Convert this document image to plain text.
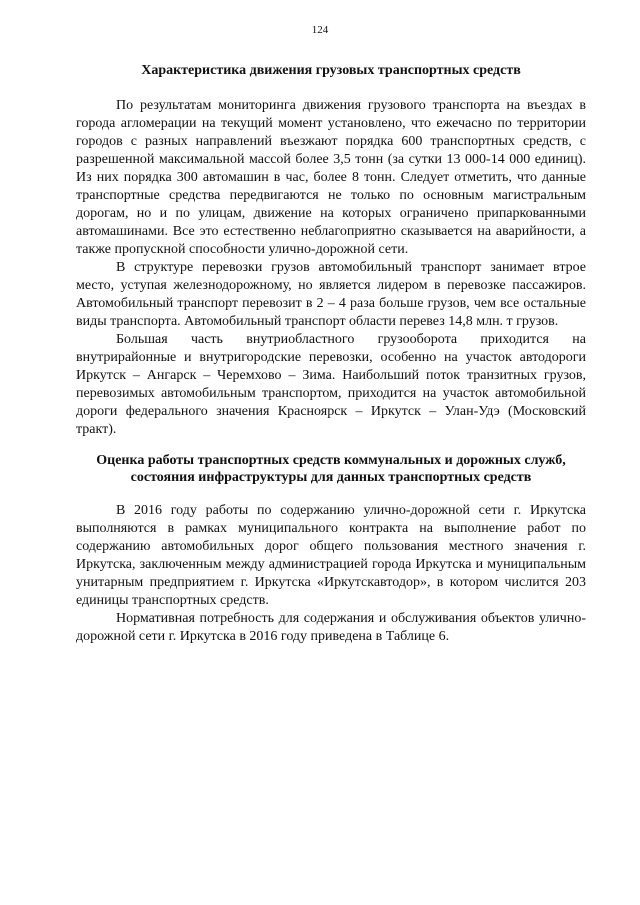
124
Характеристика движения грузовых транспортных средств

По результатам мониторинга движения грузового транспорта на въездах в города агломерации на текущий момент установлено, что ежечасно по территории городов с разных направлений въезжают порядка 600 транспортных средств, с разрешенной максимальной массой более 3,5 тонн (за сутки 13 000-14 000 единиц). Из них порядка 300 автомашин в час, более 8 тонн. Следует отметить, что данные транспортные средства передвигаются не только по основным магистральным дорогам, но и по улицам, движение на которых ограничено припаркованными автомашинами. Все это естественно неблагоприятно сказывается на аварийности, а также пропускной способности улично-дорожной сети.

В структуре перевозки грузов автомобильный транспорт занимает втрое место, уступая железнодорожному, но является лидером в перевозке пассажиров. Автомобильный транспорт перевозит в 2 – 4 раза больше грузов, чем все остальные виды транспорта. Автомобильный транспорт области перевез 14,8 млн. т грузов.

Большая часть внутриобластного грузооборота приходится на внутрирайонные и внутригородские перевозки, особенно на участок автодороги Иркутск – Ангарск – Черемхово – Зима. Наибольший поток транзитных грузов, перевозимых автомобильным транспортом, приходится на участок автомобильной дороги федерального значения Красноярск – Иркутск – Улан-Удэ (Московский тракт).

Оценка работы транспортных средств коммунальных и дорожных служб, состояния инфраструктуры для данных транспортных средств

В 2016 году работы по содержанию улично-дорожной сети г. Иркутска выполняются в рамках муниципального контракта на выполнение работ по содержанию автомобильных дорог общего пользования местного значения г. Иркутска, заключенным между администрацией города Иркутска и муниципальным унитарным предприятием г. Иркутска «Иркутскавтодор», в котором числится 203 единицы транспортных средств.

Нормативная потребность для содержания и обслуживания объектов улично-дорожной сети г. Иркутска в 2016 году приведена в Таблице 6.
